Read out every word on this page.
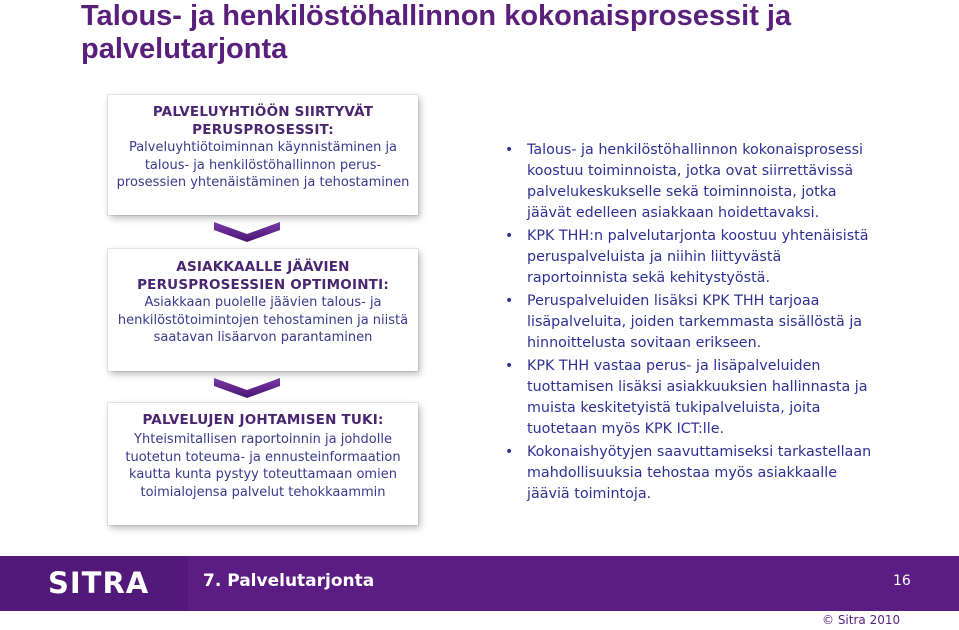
Talous- ja henkilöstöhallinnon kokonaisprosessit ja
palvelutarjonta
PALVELUYHTIÖÖN SIIRTYVÄT
PERUSPROSESSIT:
Palveluyhtiötoiminnan käynnistäminen ja
talous- ja henkilöstöhallinnon perus-
prosessien yhtenäistäminen ja tehostaminen
ASIAKKAALLE JÄÄVIEN
PERUSPROSESSIEN OPTIMOINTI:
Asiakkaan puolelle jäävien talous- ja
henkilöstötoimintojen tehostaminen ja niistä
saatavan lisäarvon parantaminen
PALVELUJEN JOHTAMISEN TUKI:
Yhteismitallisen raportoinnin ja johdolle
tuotetun toteuma- ja ennusteinformaation
kautta kunta pystyy toteuttamaan omien
toimialojensa palvelut tehokkaammin
• Talous- ja henkilöstöhallinnon kokonaisprosessi
koostuu toiminnoista, jotka ovat siirrettävissä
palvelukeskukselle sekä toiminnoista, jotka
jäävät edelleen asiakkaan hoidettavaksi.
• KPK THH:n palvelutarjonta koostuu yhtenäisistä
peruspalveluista ja niihin liittyvästä
raportoinnista sekä kehitystyöstä.
• Peruspalveluiden lisäksi KPK THH tarjoaa
lisäpalveluita, joiden tarkemmasta sisällöstä ja
hinnoittelusta sovitaan erikseen.
• KPK THH vastaa perus- ja lisäpalveluiden
tuottamisen lisäksi asiakkuuksien hallinnasta ja
muista keskitetyistä tukipalveluista, joita
tuotetaan myös KPK ICT:lle.
• Kokonaishyötyjen saavuttamiseksi tarkastellaan
mahdollisuuksia tehostaa myös asiakkaalle
jääviä toimintoja.
SITRA	7. Palvelutarjonta	16
© Sitra 2010
